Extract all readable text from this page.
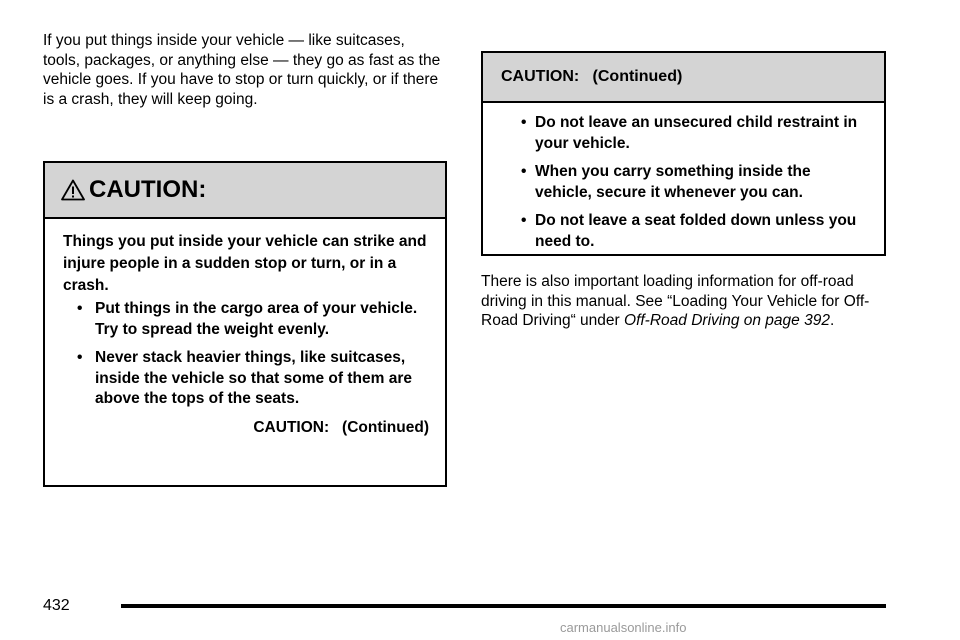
If you put things inside your vehicle — like suitcases, tools, packages, or anything else — they go as fast as the vehicle goes. If you have to stop or turn quickly, or if there is a crash, they will keep going.

CAUTION:

Things you put inside your vehicle can strike and injure people in a sudden stop or turn, or in a crash.

• Put things in the cargo area of your vehicle. Try to spread the weight evenly.
• Never stack heavier things, like suitcases, inside the vehicle so that some of them are above the tops of the seats.
CAUTION:   (Continued)
CAUTION:   (Continued)
• Do not leave an unsecured child restraint in your vehicle.
• When you carry something inside the vehicle, secure it whenever you can.
• Do not leave a seat folded down unless you need to.

There is also important loading information for off-road driving in this manual. See “Loading Your Vehicle for Off-Road Driving“ under Off-Road Driving on page 392.

432
carmanualsonline.info
